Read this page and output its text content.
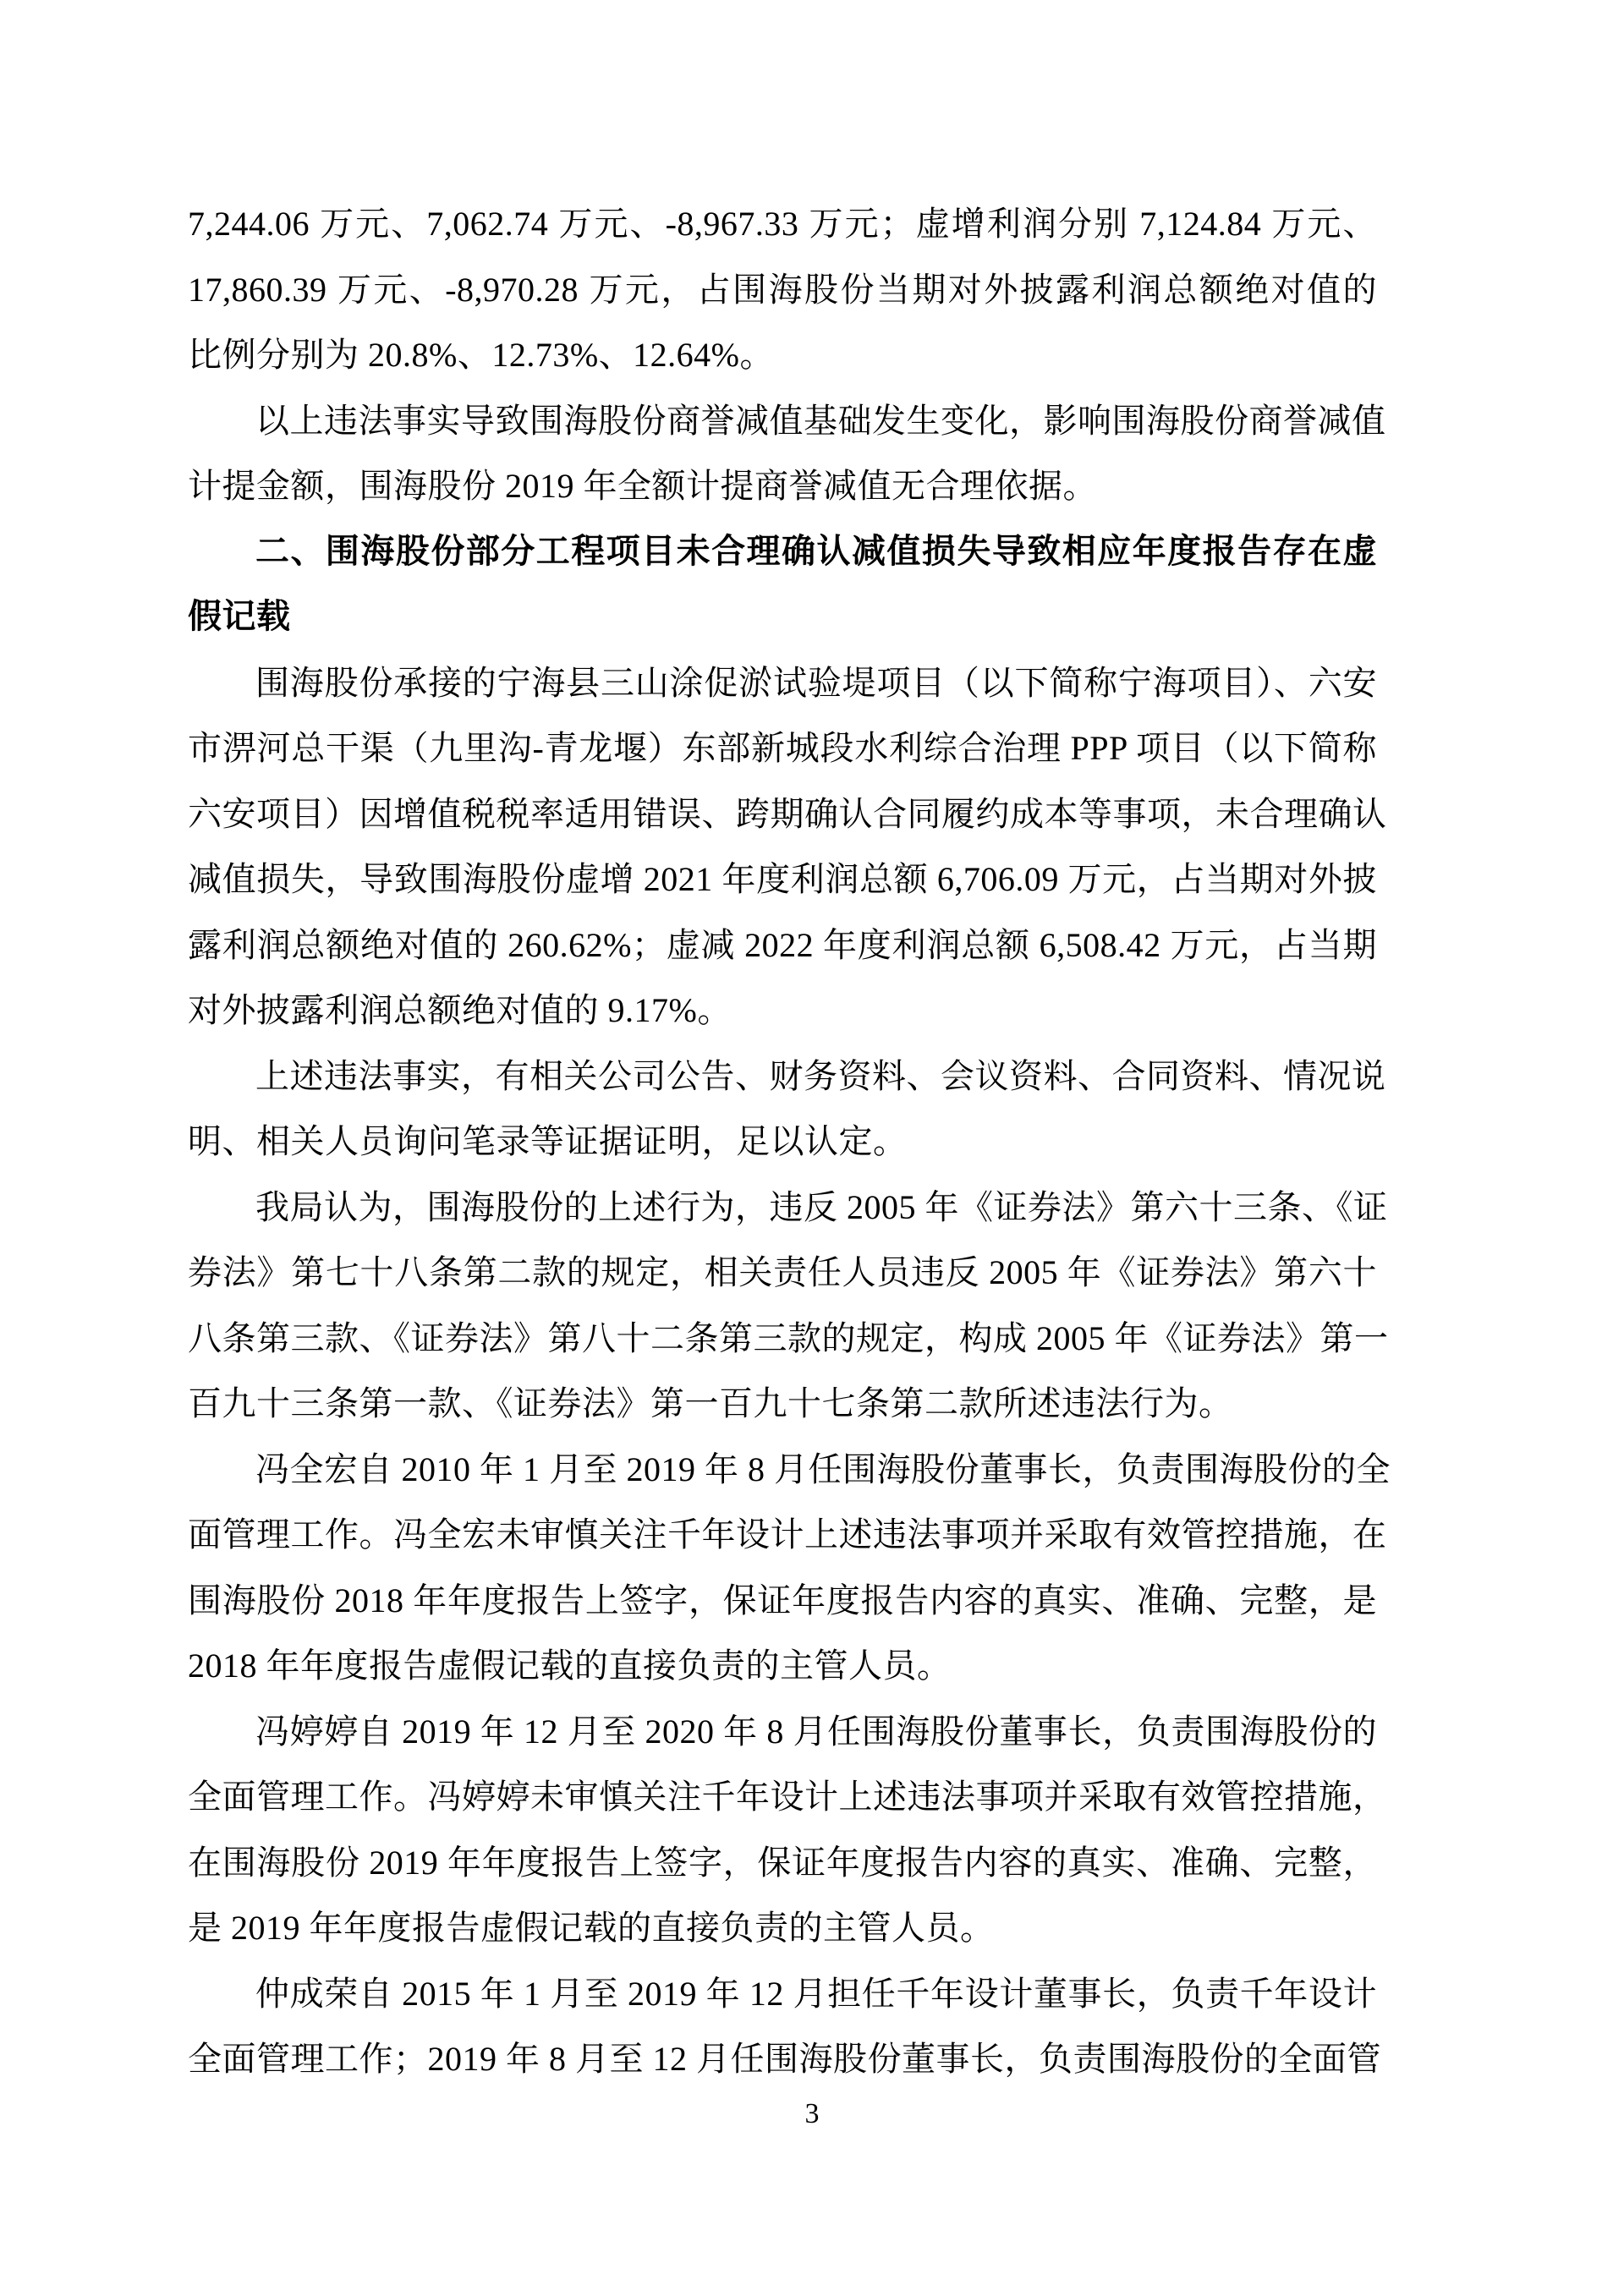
7,244.06 万元、7,062.74 万元、-8,967.33 万元；虚增利润分别 7,124.84 万元、
17,860.39 万元、-8,970.28 万元，占围海股份当期对外披露利润总额绝对值的
比例分别为 20.8%、12.73%、12.64%。
以上违法事实导致围海股份商誉减值基础发生变化，影响围海股份商誉减值
计提金额，围海股份 2019 年全额计提商誉减值无合理依据。
二、围海股份部分工程项目未合理确认减值损失导致相应年度报告存在虚
假记载
围海股份承接的宁海县三山涂促淤试验堤项目（以下简称宁海项目）、六安
市淠河总干渠（九里沟-青龙堰）东部新城段水利综合治理 PPP 项目（以下简称
六安项目）因增值税税率适用错误、跨期确认合同履约成本等事项，未合理确认
减值损失，导致围海股份虚增 2021 年度利润总额 6,706.09 万元，占当期对外披
露利润总额绝对值的 260.62%；虚减 2022 年度利润总额 6,508.42 万元，占当期
对外披露利润总额绝对值的 9.17%。
上述违法事实，有相关公司公告、财务资料、会议资料、合同资料、情况说
明、相关人员询问笔录等证据证明，足以认定。
我局认为，围海股份的上述行为，违反 2005 年《证券法》第六十三条、《证
券法》第七十八条第二款的规定，相关责任人员违反 2005 年《证券法》第六十
八条第三款、《证券法》第八十二条第三款的规定，构成 2005 年《证券法》第一
百九十三条第一款、《证券法》第一百九十七条第二款所述违法行为。
冯全宏自 2010 年 1 月至 2019 年 8 月任围海股份董事长，负责围海股份的全
面管理工作。冯全宏未审慎关注千年设计上述违法事项并采取有效管控措施，在
围海股份 2018 年年度报告上签字，保证年度报告内容的真实、准确、完整，是
2018 年年度报告虚假记载的直接负责的主管人员。
冯婷婷自 2019 年 12 月至 2020 年 8 月任围海股份董事长，负责围海股份的
全面管理工作。冯婷婷未审慎关注千年设计上述违法事项并采取有效管控措施，
在围海股份 2019 年年度报告上签字，保证年度报告内容的真实、准确、完整，
是 2019 年年度报告虚假记载的直接负责的主管人员。
仲成荣自 2015 年 1 月至 2019 年 12 月担任千年设计董事长，负责千年设计
全面管理工作；2019 年 8 月至 12 月任围海股份董事长，负责围海股份的全面管
3
